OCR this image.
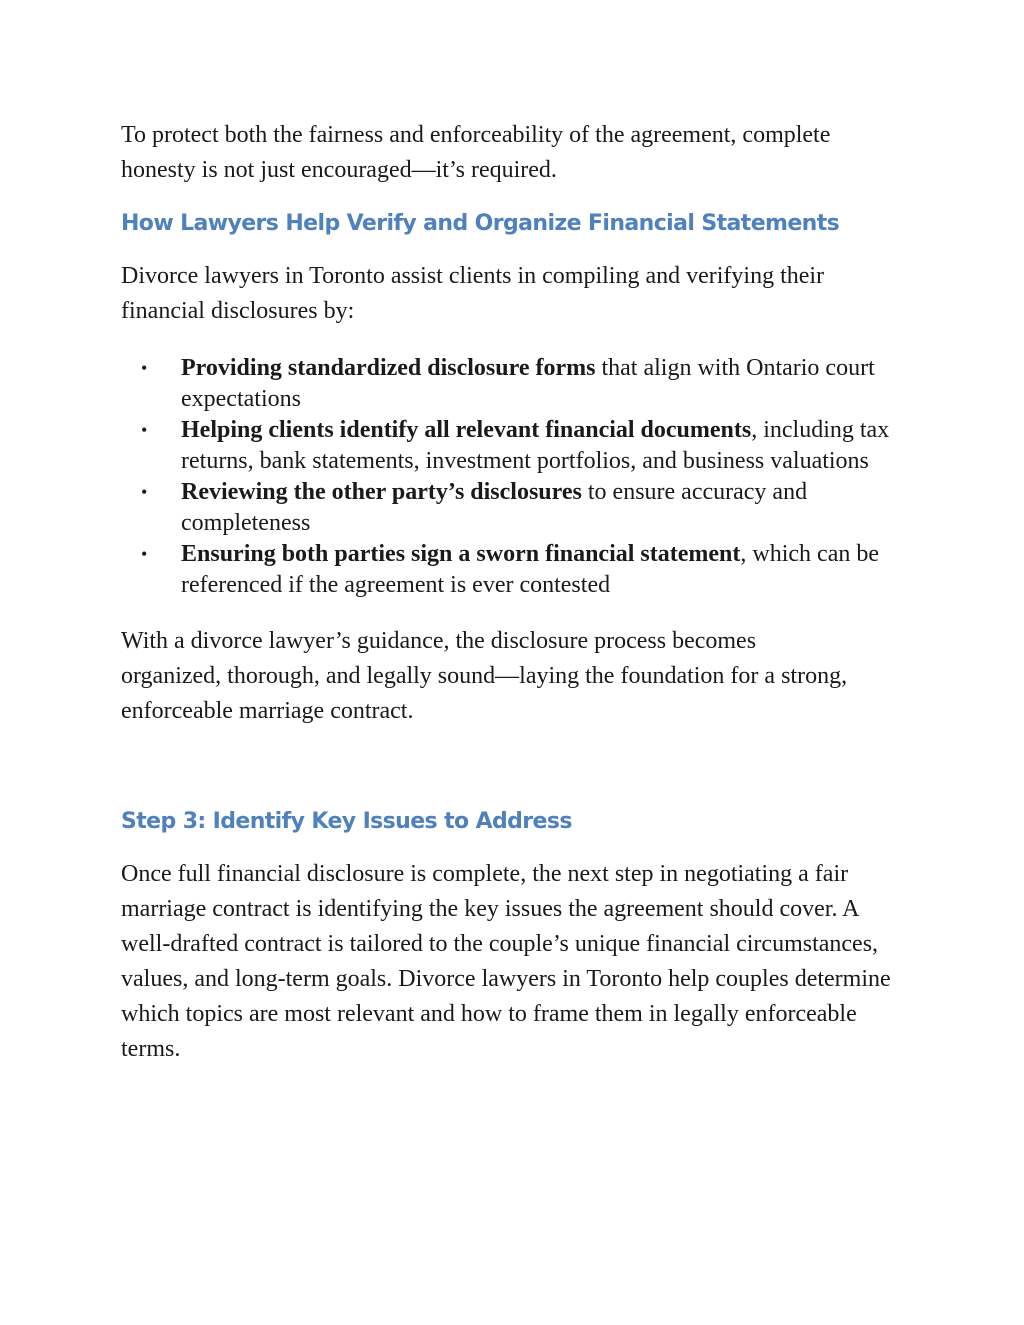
To protect both the fairness and enforceability of the agreement, complete honesty is not just encouraged—it’s required.

How Lawyers Help Verify and Organize Financial Statements

Divorce lawyers in Toronto assist clients in compiling and verifying their financial disclosures by:

• Providing standardized disclosure forms that align with Ontario court expectations
• Helping clients identify all relevant financial documents, including tax returns, bank statements, investment portfolios, and business valuations
• Reviewing the other party’s disclosures to ensure accuracy and completeness
• Ensuring both parties sign a sworn financial statement, which can be referenced if the agreement is ever contested

With a divorce lawyer’s guidance, the disclosure process becomes organized, thorough, and legally sound—laying the foundation for a strong, enforceable marriage contract.

Step 3: Identify Key Issues to Address

Once full financial disclosure is complete, the next step in negotiating a fair marriage contract is identifying the key issues the agreement should cover. A well-drafted contract is tailored to the couple’s unique financial circumstances, values, and long-term goals. Divorce lawyers in Toronto help couples determine which topics are most relevant and how to frame them in legally enforceable terms.
